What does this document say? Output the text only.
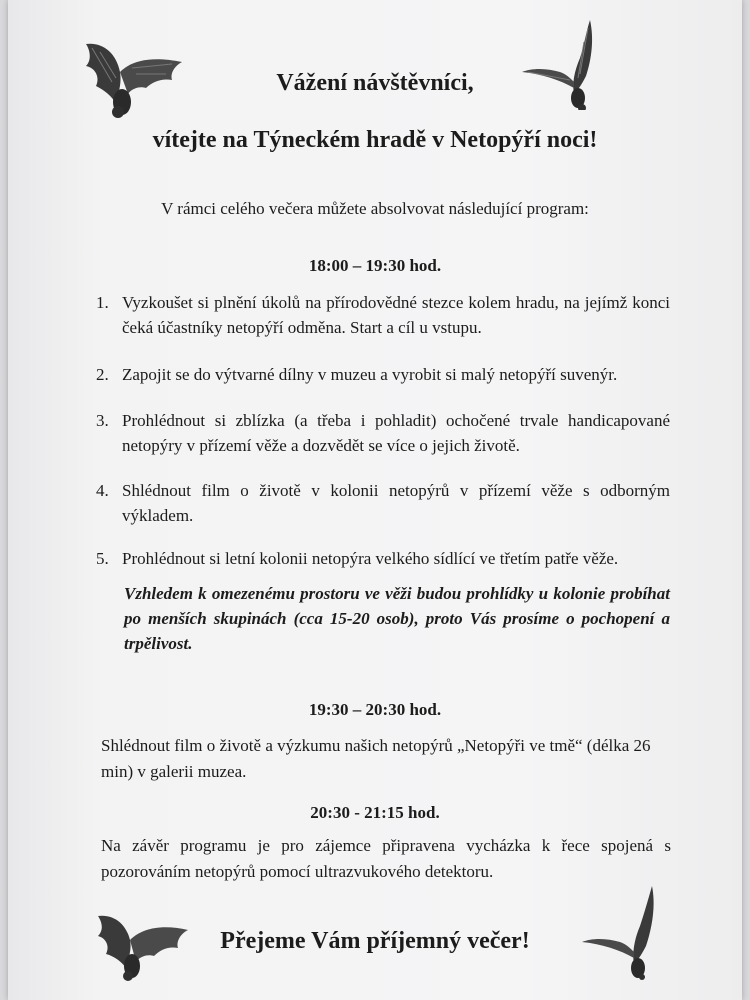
Vážení návštěvníci,

vítejte na Týneckém hradě v Netopýří noci!

V rámci celého večera můžete absolvovat následující program:

18:00 – 19:30 hod.

1. Vyzkoušet si plnění úkolů na přírodovědné stezce kolem hradu, na jejímž konci čeká účastníky netopýří odměna. Start a cíl u vstupu.
2. Zapojit se do výtvarné dílny v muzeu a vyrobit si malý netopýří suvenýr.
3. Prohlédnout si zblízka (a třeba i pohladit) ochočené trvale handicapované netopýry v přízemí věže a dozvědět se více o jejich životě.
4. Shlédnout film o životě v kolonii netopýrů v přízemí věže s odborným výkladem.
5. Prohlédnout si letní kolonii netopýra velkého sídlící ve třetím patře věže.

Vzhledem k omezenému prostoru ve věži budou prohlídky u kolonie probíhat po menších skupinách (cca 15-20 osob), proto Vás prosíme o pochopení a trpělivost.

19:30 – 20:30 hod.

Shlédnout film o životě a výzkumu našich netopýrů „Netopýři ve tmě“ (délka 26 min) v galerii muzea.

20:30 - 21:15 hod.

Na závěr programu je pro zájemce připravena vycházka k řece spojená s pozorováním netopýrů pomocí ultrazvukového detektoru.

Přejeme Vám příjemný večer!
